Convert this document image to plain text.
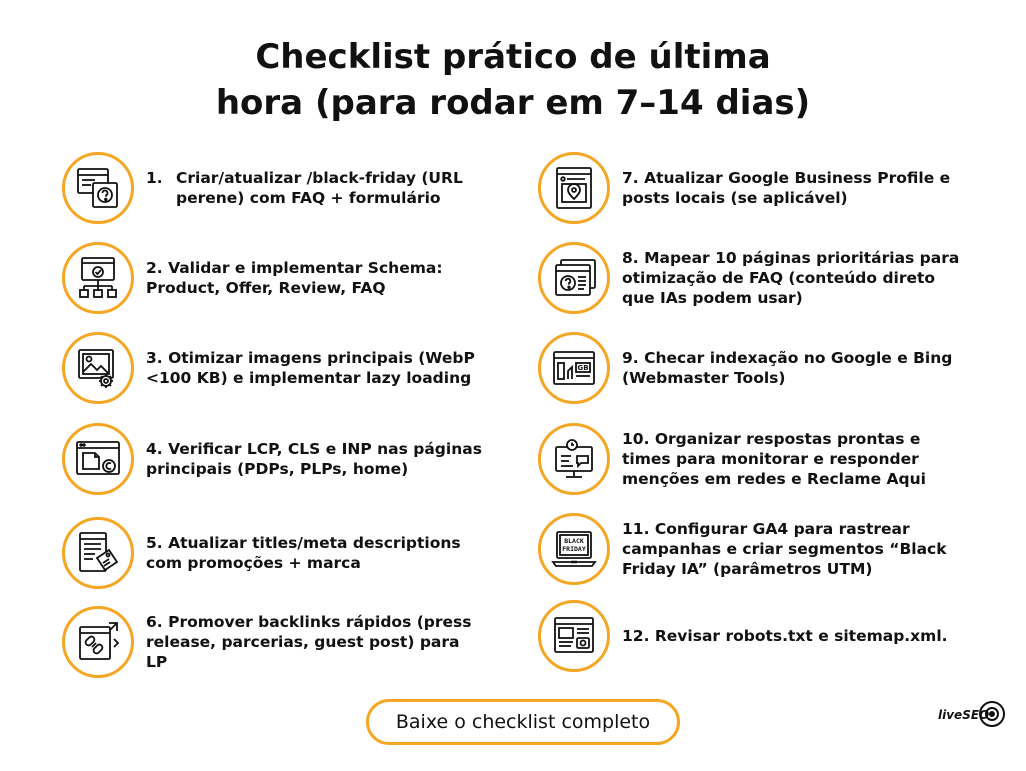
Checklist prático de última
hora (para rodar em 7–14 dias)
1. Criar/atualizar /black-friday (URL perene) com FAQ + formulário
2. Validar e implementar Schema: Product, Offer, Review, FAQ
3. Otimizar imagens principais (WebP <100 KB) e implementar lazy loading
4. Verificar LCP, CLS e INP nas páginas principais (PDPs, PLPs, home)
5. Atualizar titles/meta descriptions com promoções + marca
6. Promover backlinks rápidos (press release, parcerias, guest post) para LP
7. Atualizar Google Business Profile e posts locais (se aplicável)
8. Mapear 10 páginas prioritárias para otimização de FAQ (conteúdo direto que IAs podem usar)
GB
9. Checar indexação no Google e Bing (Webmaster Tools)
10. Organizar respostas prontas e times para monitorar e responder menções em redes e Reclame Aqui
BLACK
FRIDAY
11. Configurar GA4 para rastrear campanhas e criar segmentos “Black Friday IA” (parâmetros UTM)
12. Revisar robots.txt e sitemap.xml.
Baixe o checklist completo	liveSEO
